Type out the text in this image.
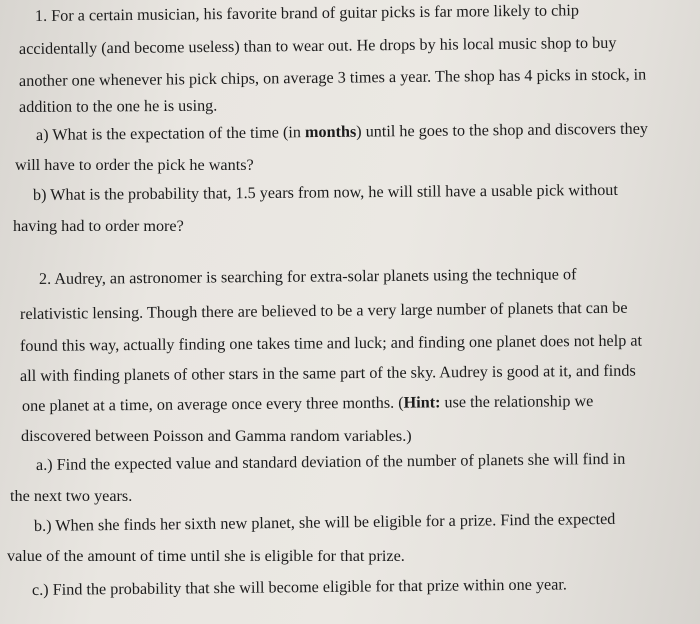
1. For a certain musician, his favorite brand of guitar picks is far more likely to chip
accidentally (and become useless) than to wear out. He drops by his local music shop to buy
another one whenever his pick chips, on average 3 times a year. The shop has 4 picks in stock, in
addition to the one he is using.
a) What is the expectation of the time (in months) until he goes to the shop and discovers they
will have to order the pick he wants?
b) What is the probability that, 1.5 years from now, he will still have a usable pick without
having had to order more?
2. Audrey, an astronomer is searching for extra-solar planets using the technique of
relativistic lensing. Though there are believed to be a very large number of planets that can be
found this way, actually finding one takes time and luck; and finding one planet does not help at
all with finding planets of other stars in the same part of the sky. Audrey is good at it, and finds
one planet at a time, on average once every three months. (Hint: use the relationship we
discovered between Poisson and Gamma random variables.)
a.) Find the expected value and standard deviation of the number of planets she will find in
the next two years.
b.) When she finds her sixth new planet, she will be eligible for a prize. Find the expected
value of the amount of time until she is eligible for that prize.
c.) Find the probability that she will become eligible for that prize within one year.
